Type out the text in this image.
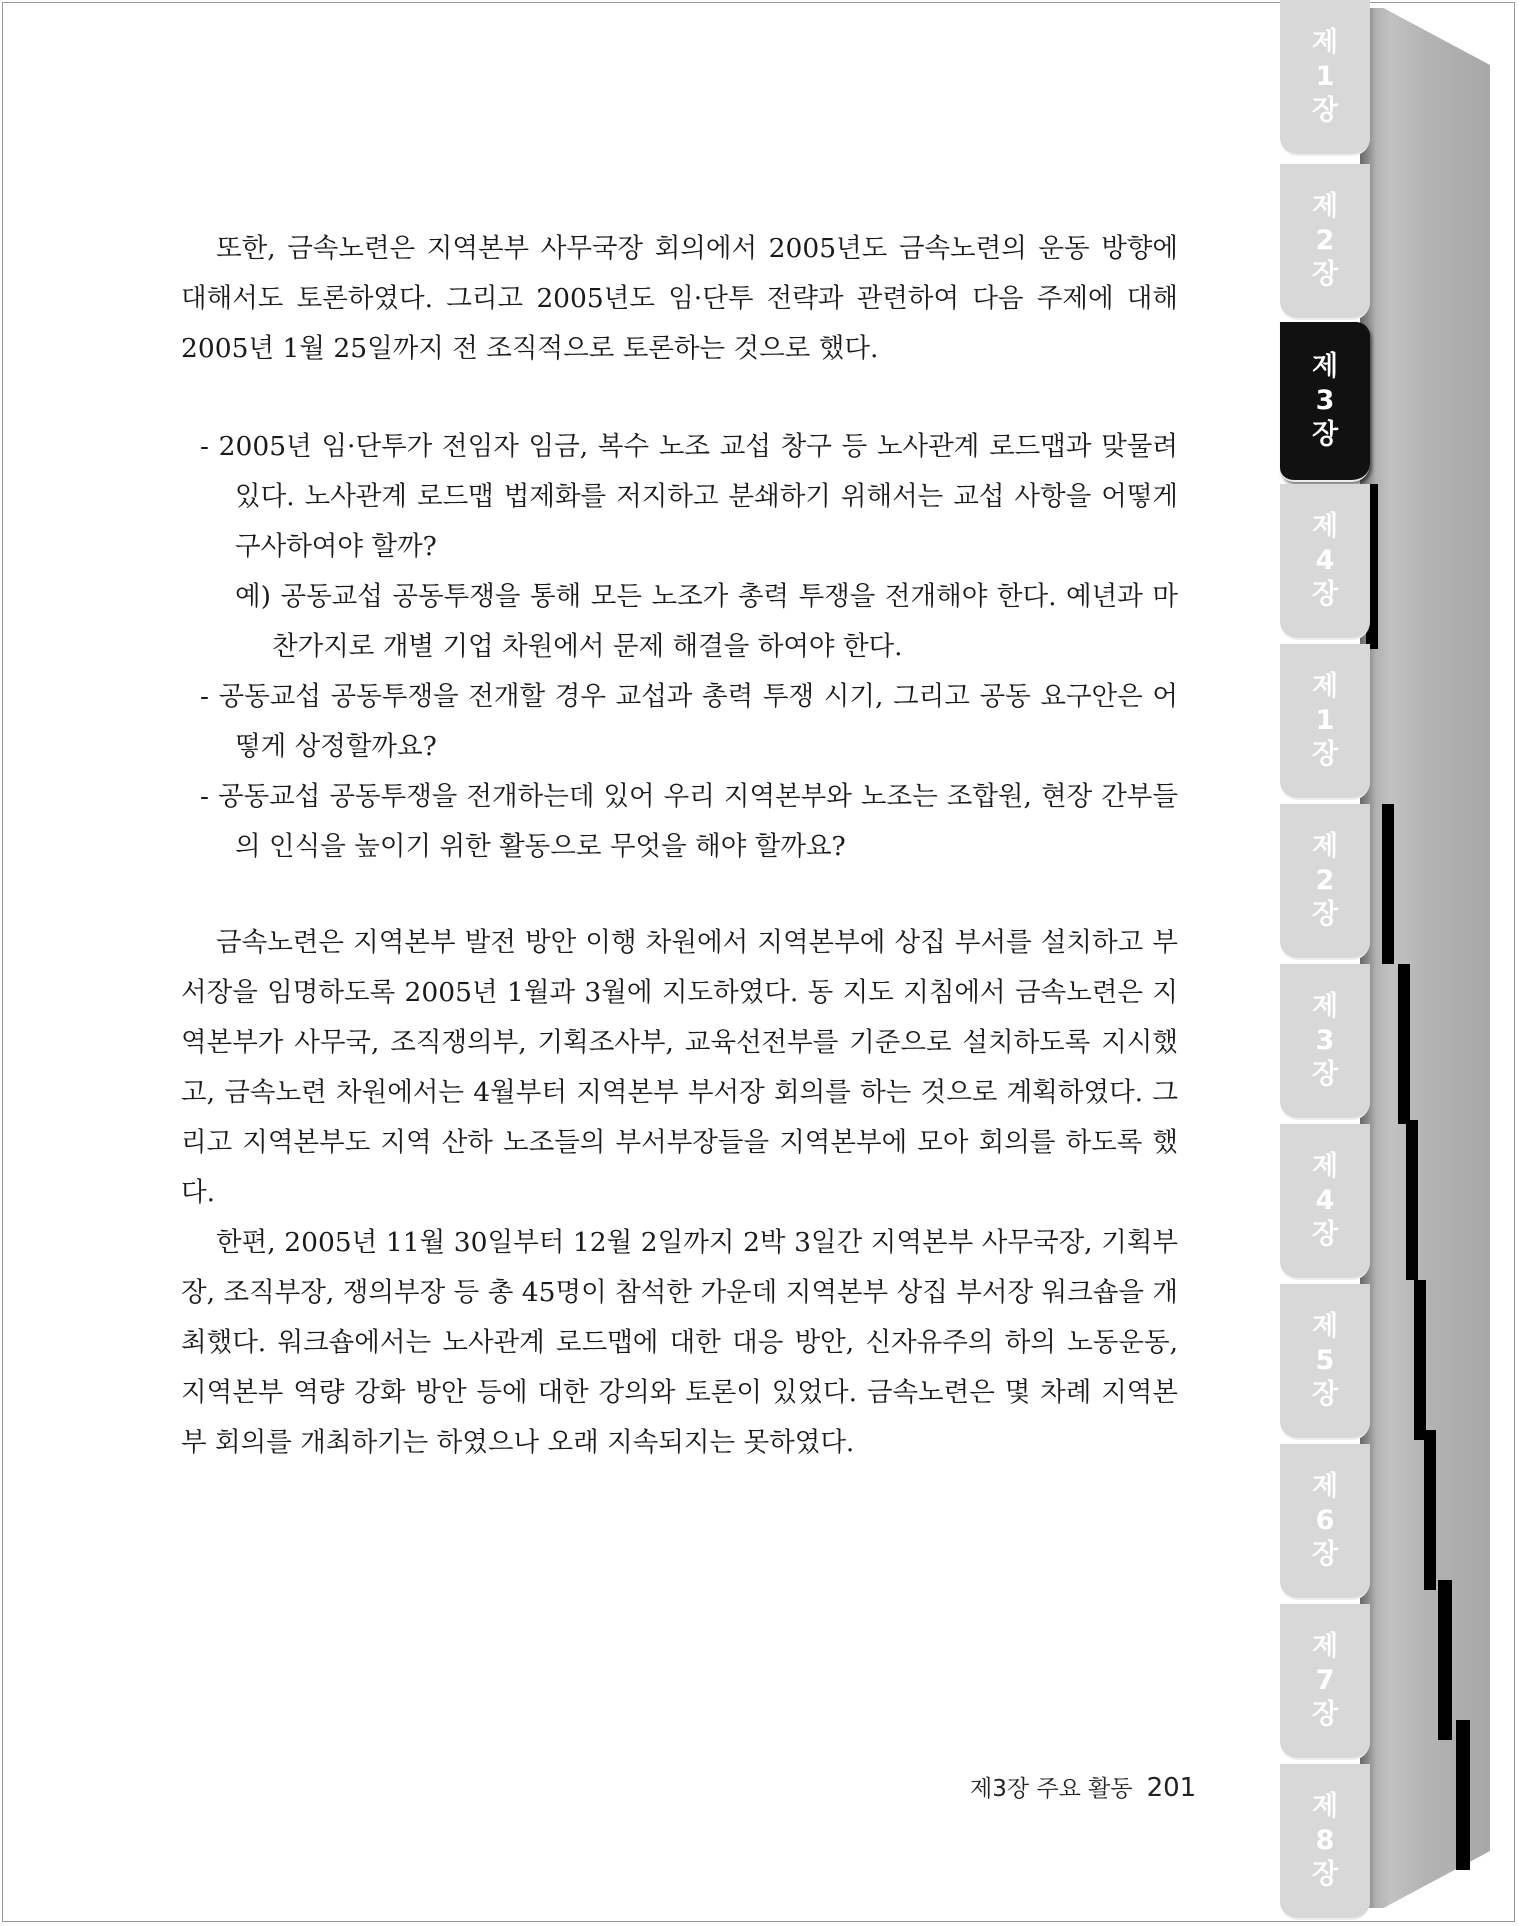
제
1
장
제
2
장
제
3
장
제
4
장
제
1
장
제
2
장
제
3
장
제
4
장
제
5
장
제
6
장
제
7
장
제
8
장

또한, 금속노련은 지역본부 사무국장 회의에서 2005년도 금속노련의 운동 방향에 대해서도 토론하였다. 그리고 2005년도 임·단투 전략과 관련하여 다음 주제에 대해 2005년 1월 25일까지 전 조직적으로 토론하는 것으로 했다.

- 2005년 임·단투가 전임자 임금, 복수 노조 교섭 창구 등 노사관계 로드맵과 맞물려 있다. 노사관계 로드맵 법제화를 저지하고 분쇄하기 위해서는 교섭 사항을 어떻게 구사하여야 할까?

예) 공동교섭 공동투쟁을 통해 모든 노조가 총력 투쟁을 전개해야 한다. 예년과 마찬가지로 개별 기업 차원에서 문제 해결을 하여야 한다.

- 공동교섭 공동투쟁을 전개할 경우 교섭과 총력 투쟁 시기, 그리고 공동 요구안은 어떻게 상정할까요?

- 공동교섭 공동투쟁을 전개하는데 있어 우리 지역본부와 노조는 조합원, 현장 간부들의 인식을 높이기 위한 활동으로 무엇을 해야 할까요?

금속노련은 지역본부 발전 방안 이행 차원에서 지역본부에 상집 부서를 설치하고 부서장을 임명하도록 2005년 1월과 3월에 지도하였다. 동 지도 지침에서 금속노련은 지역본부가 사무국, 조직쟁의부, 기획조사부, 교육선전부를 기준으로 설치하도록 지시했고, 금속노련 차원에서는 4월부터 지역본부 부서장 회의를 하는 것으로 계획하였다. 그리고 지역본부도 지역 산하 노조들의 부서부장들을 지역본부에 모아 회의를 하도록 했다.

한편, 2005년 11월 30일부터 12월 2일까지 2박 3일간 지역본부 사무국장, 기획부장, 조직부장, 쟁의부장 등 총 45명이 참석한 가운데 지역본부 상집 부서장 워크숍을 개최했다. 워크숍에서는 노사관계 로드맵에 대한 대응 방안, 신자유주의 하의 노동운동, 지역본부 역량 강화 방안 등에 대한 강의와 토론이 있었다. 금속노련은 몇 차례 지역본부 회의를 개최하기는 하였으나 오래 지속되지는 못하였다.

제3장 주요 활동 201
